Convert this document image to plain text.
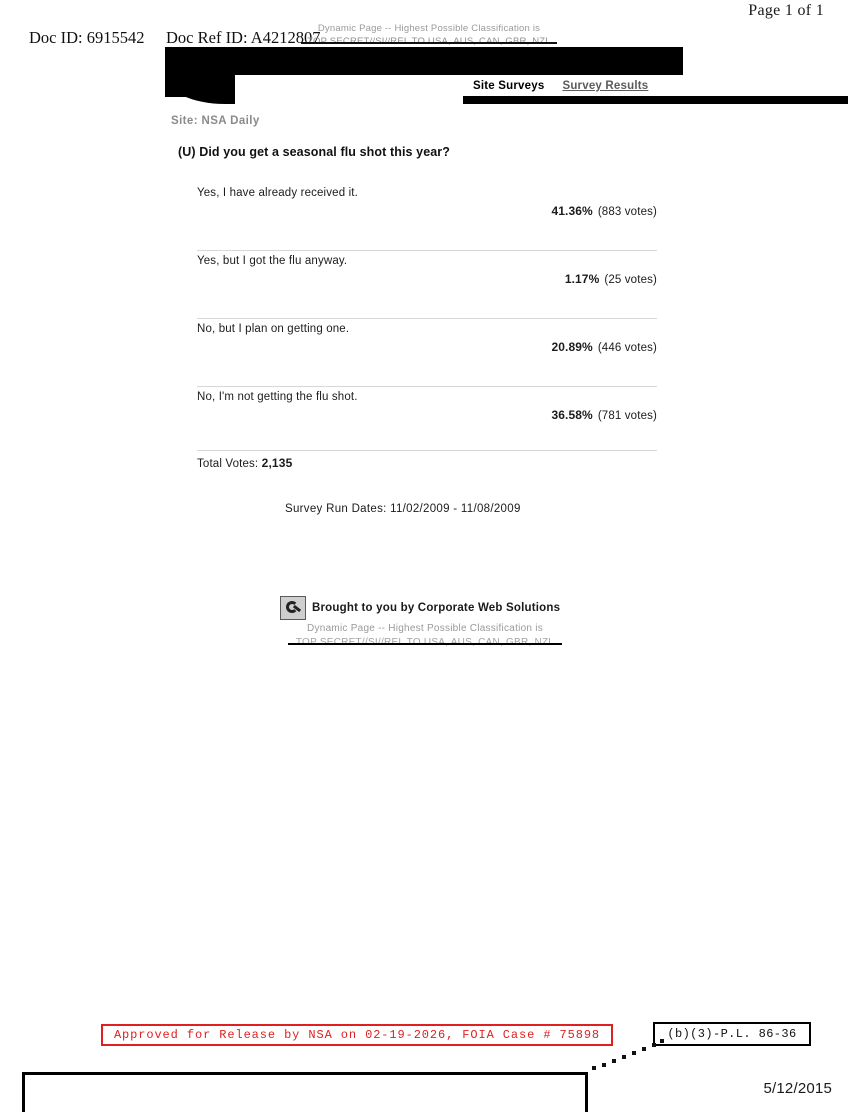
Page 1 of 1
Doc ID: 6915542 Doc Ref ID: A4212807
Dynamic Page -- Highest Possible Classification is
TOP SECRET//SI//REL TO USA, AUS, CAN, GBR, NZL
Site Surveys Survey Results
Site: NSA Daily
(U) Did you get a seasonal flu shot this year?
Yes, I have already received it.
41.36% (883 votes)
Yes, but I got the flu anyway.
1.17% (25 votes)
No, but I plan on getting one.
20.89% (446 votes)
No, I'm not getting the flu shot.
36.58% (781 votes)
Total Votes: 2,135
Survey Run Dates: 11/02/2009 - 11/08/2009
Brought to you by Corporate Web Solutions
Dynamic Page -- Highest Possible Classification is
TOP SECRET//SI//REL TO USA, AUS, CAN, GBR, NZL
Approved for Release by NSA on 02-19-2026, FOIA Case # 75898	(b)(3)-P.L. 86-36
5/12/2015
